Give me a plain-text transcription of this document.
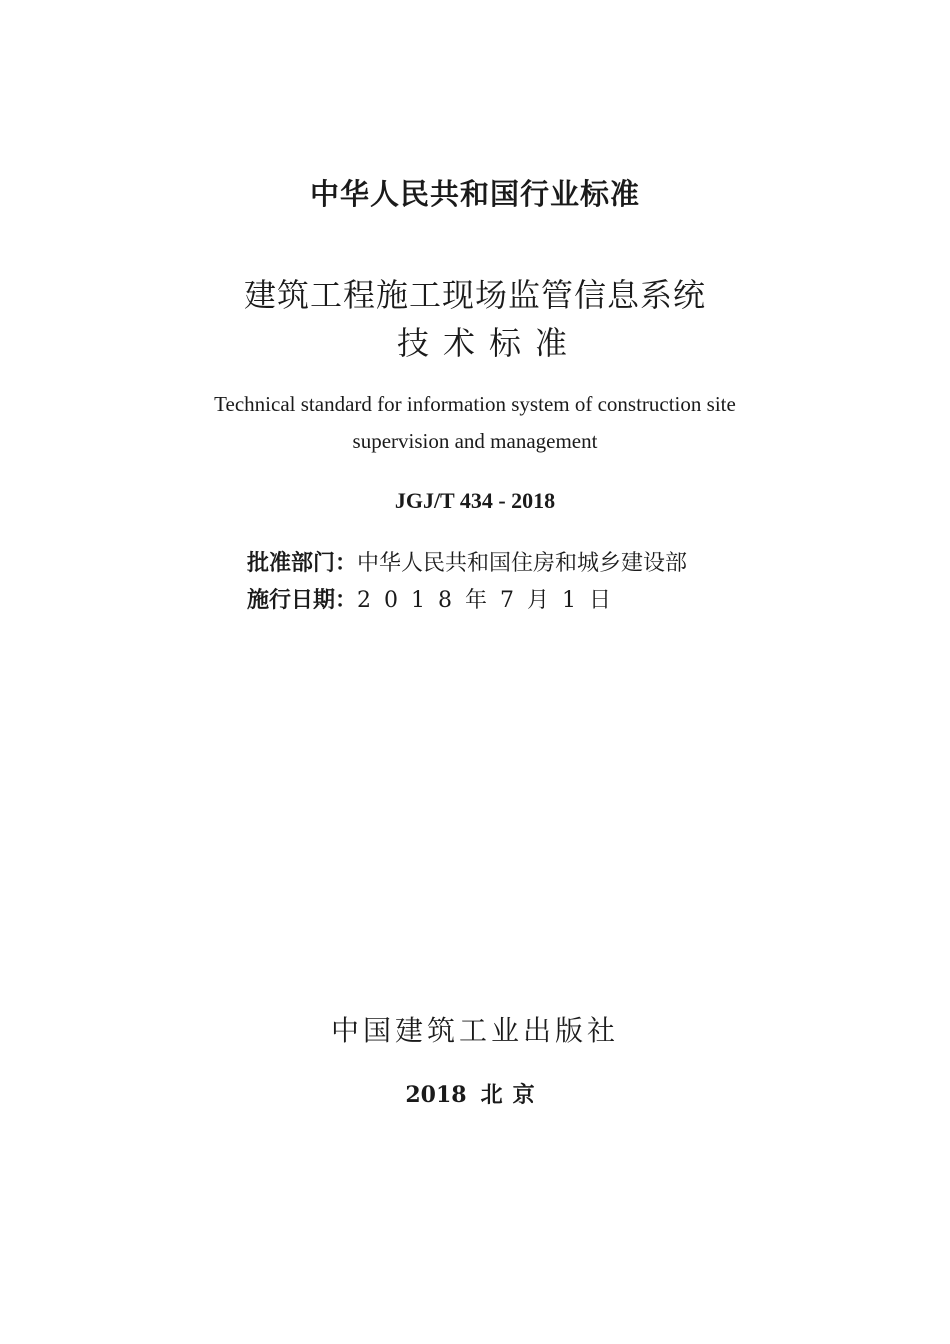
中华人民共和国行业标准
建筑工程施工现场监管信息系统
技术标准
Technical standard for information system of construction site
supervision and management
JGJ/T 434 - 2018
批准部门：中华人民共和国住房和城乡建设部
施行日期：2018年7月1日
中国建筑工业出版社
2018 北京
